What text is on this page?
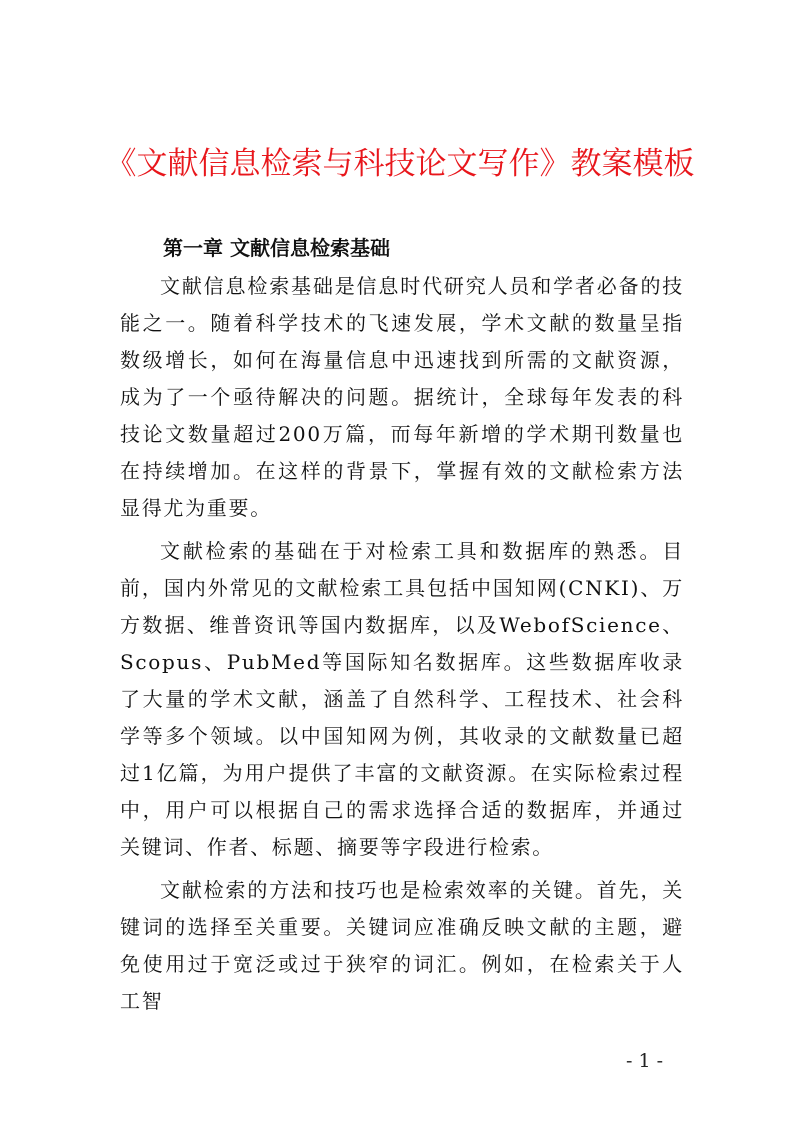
《文献信息检索与科技论文写作》教案模板
第一章 文献信息检索基础

文献信息检索基础是信息时代研究人员和学者必备的技能之一。随着科学技术的飞速发展，学术文献的数量呈指数级增长，如何在海量信息中迅速找到所需的文献资源，成为了一个亟待解决的问题。据统计，全球每年发表的科技论文数量超过200万篇，而每年新增的学术期刊数量也在持续增加。在这样的背景下，掌握有效的文献检索方法显得尤为重要。

文献检索的基础在于对检索工具和数据库的熟悉。目前，国内外常见的文献检索工具包括中国知网(CNKI)、万方数据、维普资讯等国内数据库，以及WebofScience、Scopus、PubMed等国际知名数据库。这些数据库收录了大量的学术文献，涵盖了自然科学、工程技术、社会科学等多个领域。以中国知网为例，其收录的文献数量已超过1亿篇，为用户提供了丰富的文献资源。在实际检索过程中，用户可以根据自己的需求选择合适的数据库，并通过关键词、作者、标题、摘要等字段进行检索。

文献检索的方法和技巧也是检索效率的关键。首先，关键词的选择至关重要。关键词应准确反映文献的主题，避免使用过于宽泛或过于狭窄的词汇。例如，在检索关于人工智

- 1 -
